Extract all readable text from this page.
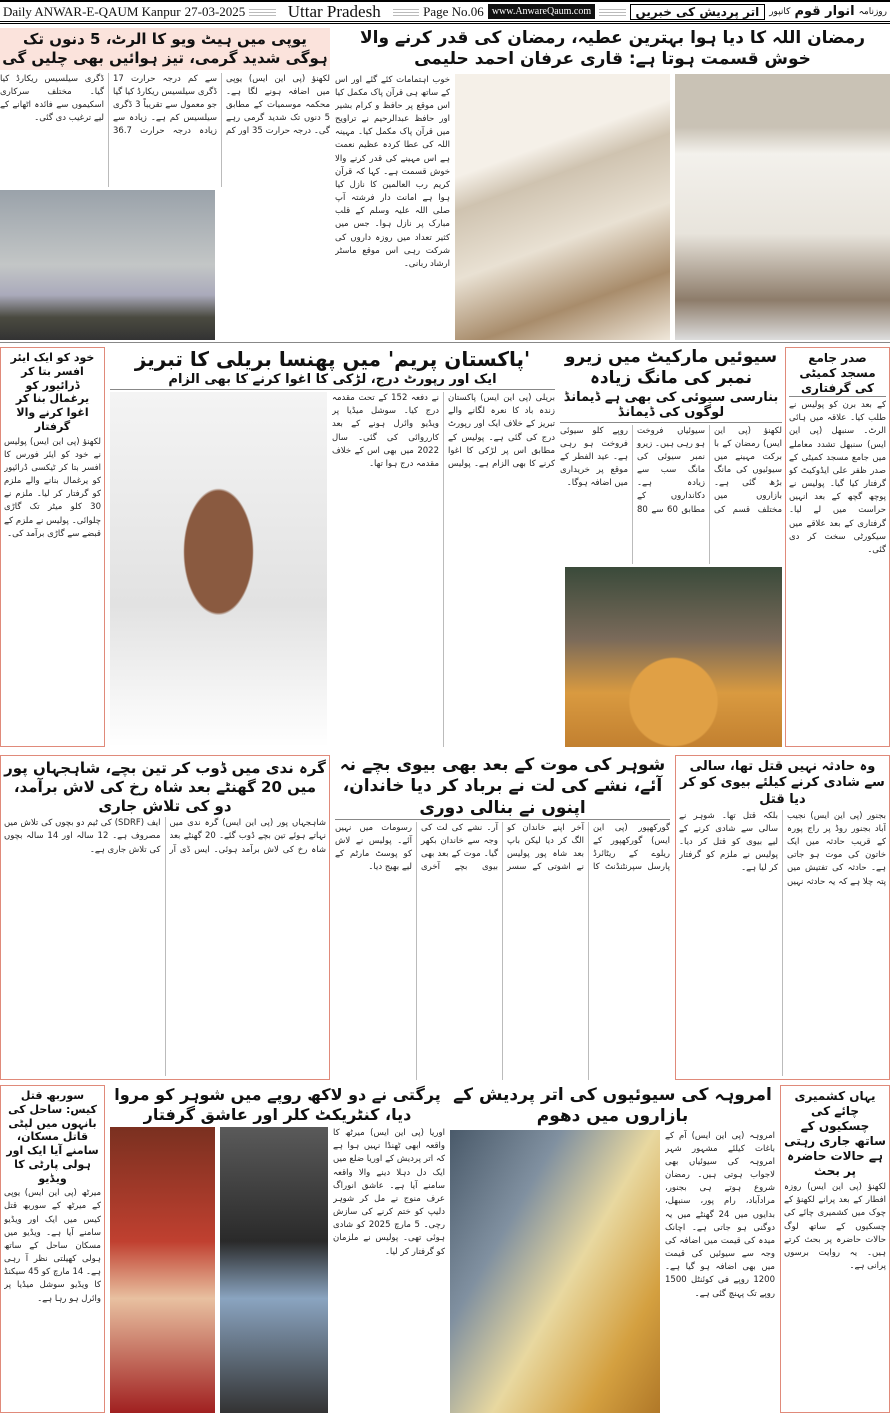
Daily ANWAR-E-QAUM Kanpur 27-03-2025 Uttar Pradesh	Page No.06 www.AnwareQaum.com	اتر پردیش کی خبریں	کانپور انوار قوم روزنامہ
رمضان اللہ کا دیا ہوا بہترین عطیہ، رمضان کی قدر کرنے والا خوش قسمت ہوتا ہے: قاری عرفان احمد حلیمی
خوب اہتمامات کئے گئے اور اس کے ساتھ ہی قرآن پاک مکمل کیا اس موقع پر حافظ و کرام بشیر اور حافظ عبدالرحیم نے تراویح میں قرآن پاک مکمل کیا۔ مہینہ اللہ کی عطا کردہ عظیم نعمت ہے اس مہینے کی قدر کرنے والا خوش قسمت ہے۔ کہا کہ قرآن کریم رب العالمین کا نازل کیا ہوا ہے امانت دار فرشتہ آپ صلی اللہ علیہ وسلم کے قلب مبارک پر نازل ہوا۔ جس میں کثیر تعداد میں روزہ داروں کی شرکت رہی اس موقع ماسٹر ارشاد ربانی۔
یوپی میں ہیٹ ویو کا الرٹ، 5 دنوں تک ہوگی شدید گرمی، تیز ہوائیں بھی چلیں گی
لکھنؤ (پی این ایس) یوپی میں اضافہ ہونے لگا ہے۔ محکمہ موسمیات کے مطابق 5 دنوں تک شدید گرمی رہے گی۔ درجہ حرارت 35 اور کم سے کم درجہ حرارت 17 ڈگری سیلسیس ریکارڈ کیا گیا جو معمول سے تقریباً 3 ڈگری سیلسیس کم ہے۔ زیادہ سے زیادہ درجہ حرارت 36.7 ڈگری سیلسیس ریکارڈ کیا گیا۔ مختلف سرکاری اسکیموں سے فائدہ اٹھانے کے لیے ترغیب دی گئی۔
صدر جامع مسجد کمیٹی کی گرفتاری
کے بعد برن کو پولیس نے طلب کیا۔ علاقہ میں ہائی الرٹ۔ سنبھل (پی این ایس) سنبھل تشدد معاملے میں جامع مسجد کمیٹی کے صدر ظفر علی ایڈوکیٹ کو گرفتار کیا گیا۔ پولیس نے پوچھ گچھ کے بعد انہیں حراست میں لے لیا۔ گرفتاری کے بعد علاقے میں سیکورٹی سخت کر دی گئی۔
سیوئیں مارکیٹ میں زیرو نمبر کی مانگ زیادہ
بنارسی سیوئی کی بھی ہے ڈیمانڈ لوگوں کی ڈیمانڈ
لکھنؤ (پی این ایس) رمضان کے با برکت مہینے میں سیوئیوں کی مانگ بڑھ گئی ہے۔ بازاروں میں مختلف قسم کی سیوئیاں فروخت ہو رہی ہیں۔ زیرو نمبر سیوئی کی مانگ سب سے زیادہ ہے۔ دکانداروں کے مطابق 60 سے 80 روپے کلو سیوئی فروخت ہو رہی ہے۔ عید الفطر کے موقع پر خریداری میں اضافہ ہوگا۔
'پاکستان پریم' میں پھنسا بریلی کا تبریز
ایک اور رپورٹ درج، لڑکی کا اغوا کرنے کا بھی الزام
بریلی (پی این ایس) پاکستان زندہ باد کا نعرہ لگانے والے تبریز کے خلاف ایک اور رپورٹ درج کی گئی ہے۔ پولیس کے مطابق اس پر لڑکی کا اغوا کرنے کا بھی الزام ہے۔ پولیس نے دفعہ 152 کے تحت مقدمہ درج کیا۔ سوشل میڈیا پر ویڈیو وائرل ہونے کے بعد کارروائی کی گئی۔ سال 2022 میں بھی اس کے خلاف مقدمہ درج ہوا تھا۔
خود کو ایک ایئر افسر بتا کر ڈرائیور کو یرغمال بنا کر اغوا کرنے والا گرفتار
لکھنؤ (پی این ایس) پولیس نے خود کو ایئر فورس کا افسر بتا کر ٹیکسی ڈرائیور کو یرغمال بنانے والے ملزم کو گرفتار کر لیا۔ ملزم نے 30 کلو میٹر تک گاڑی چلوائی۔ پولیس نے ملزم کے قبضے سے گاڑی برآمد کی۔
وہ حادثہ نہیں قتل تھا، سالی سے شادی کرنے کیلئے بیوی کو کر دیا قتل
بجنور (پی این ایس) نجیب آباد بجنور روڈ پر راج پورہ کے قریب حادثہ میں ایک خاتون کی موت ہو جاتی ہے۔ حادثہ کی تفتیش میں پتہ چلا ہے کہ یہ حادثہ نہیں بلکہ قتل تھا۔ شوہر نے سالی سے شادی کرنے کے لیے بیوی کو قتل کر دیا۔ پولیس نے ملزم کو گرفتار کر لیا ہے۔
شوہر کی موت کے بعد بھی بیوی بچے نہ آئے، نشے کی لت نے برباد کر دیا خاندان، اپنوں نے بنالی دوری
گورکھپور (پی این ایس) گورکھپور کے ریلوے کے ریٹائرڈ پارسل سپرنٹنڈنٹ کا آخر اپنے خاندان کو الگ کر دیا لیکن باپ بعد شاہ پور پولیس نے اشوتی کے سسر آر۔ نشے کی لت کی وجہ سے خاندان بکھر گیا۔ موت کے بعد بھی بیوی بچے آخری رسومات میں نہیں آئے۔ پولیس نے لاش کو پوسٹ مارٹم کے لیے بھیج دیا۔
گرہ ندی میں ڈوب کر تین بچے، شاہجہاں پور میں 20 گھنٹے بعد شاہ رخ کی لاش برآمد، دو کی تلاش جاری
شاہجہاں پور (پی این ایس) گرہ ندی میں نہاتے ہوئے تین بچے ڈوب گئے۔ 20 گھنٹے بعد شاہ رخ کی لاش برآمد ہوئی۔ ایس ڈی آر ایف (SDRF) کی ٹیم دو بچوں کی تلاش میں مصروف ہے۔ 12 سالہ اور 14 سالہ بچوں کی تلاش جاری ہے۔
یہاں کشمیری چائے کی چسکیوں کے ساتھ جاری رہتی ہے حالات حاضرہ پر بحث
لکھنؤ (پی این ایس) روزہ افطار کے بعد پرانے لکھنؤ کے چوک میں کشمیری چائے کی چسکیوں کے ساتھ لوگ حالات حاضرہ پر بحث کرتے ہیں۔ یہ روایت برسوں پرانی ہے۔
امروہہ کی سیوئیوں کی اتر پردیش کے بازاروں میں دھوم
امروہہ (پی این ایس) آم کے باغات کیلئے مشہور شہر امروہہ کی سیوئیاں بھی لاجواب ہوتی ہیں۔ رمضان شروع ہوتے ہی بجنور، مرادآباد، رام پور، سنبھل، بدایوں میں 24 گھنٹے میں یہ دوگنی ہو جاتی ہے۔ اچانک میدہ کی قیمت میں اضافہ کی وجہ سے سیوئیں کی قیمت میں بھی اضافہ ہو گیا ہے۔ 1200 روپے فی کوئنٹل 1500 روپے تک پہنچ گئی ہے۔
پرگتی نے دو لاکھ روپے میں شوہر کو مروا دیا، کنٹریکٹ کلر اور عاشق گرفتار
اوریا (پی این ایس) میرٹھ کا واقعہ ابھی ٹھنڈا نہیں ہوا ہے کہ اتر پردیش کے اوریا ضلع میں ایک دل دہلا دینے والا واقعہ سامنے آیا ہے۔ عاشق انوراگ عرف منوج نے مل کر شوہر دلیپ کو ختم کرنے کی سازش رچی۔ 5 مارچ 2025 کو شادی ہوئی تھی۔ پولیس نے ملزمان کو گرفتار کر لیا۔
سوربھ قتل کیس: ساحل کی بانہوں میں لپٹی قاتل مسکان، سامنے آیا ایک اور ہولی پارٹی کا ویڈیو
میرٹھ (پی این ایس) یوپی کے میرٹھ کے سوربھ قتل کیس میں ایک اور ویڈیو سامنے آیا ہے۔ ویڈیو میں مسکان ساحل کے ساتھ ہولی کھیلتی نظر آ رہی ہے۔ 14 مارچ کو 45 سیکنڈ کا ویڈیو سوشل میڈیا پر وائرل ہو رہا ہے۔
